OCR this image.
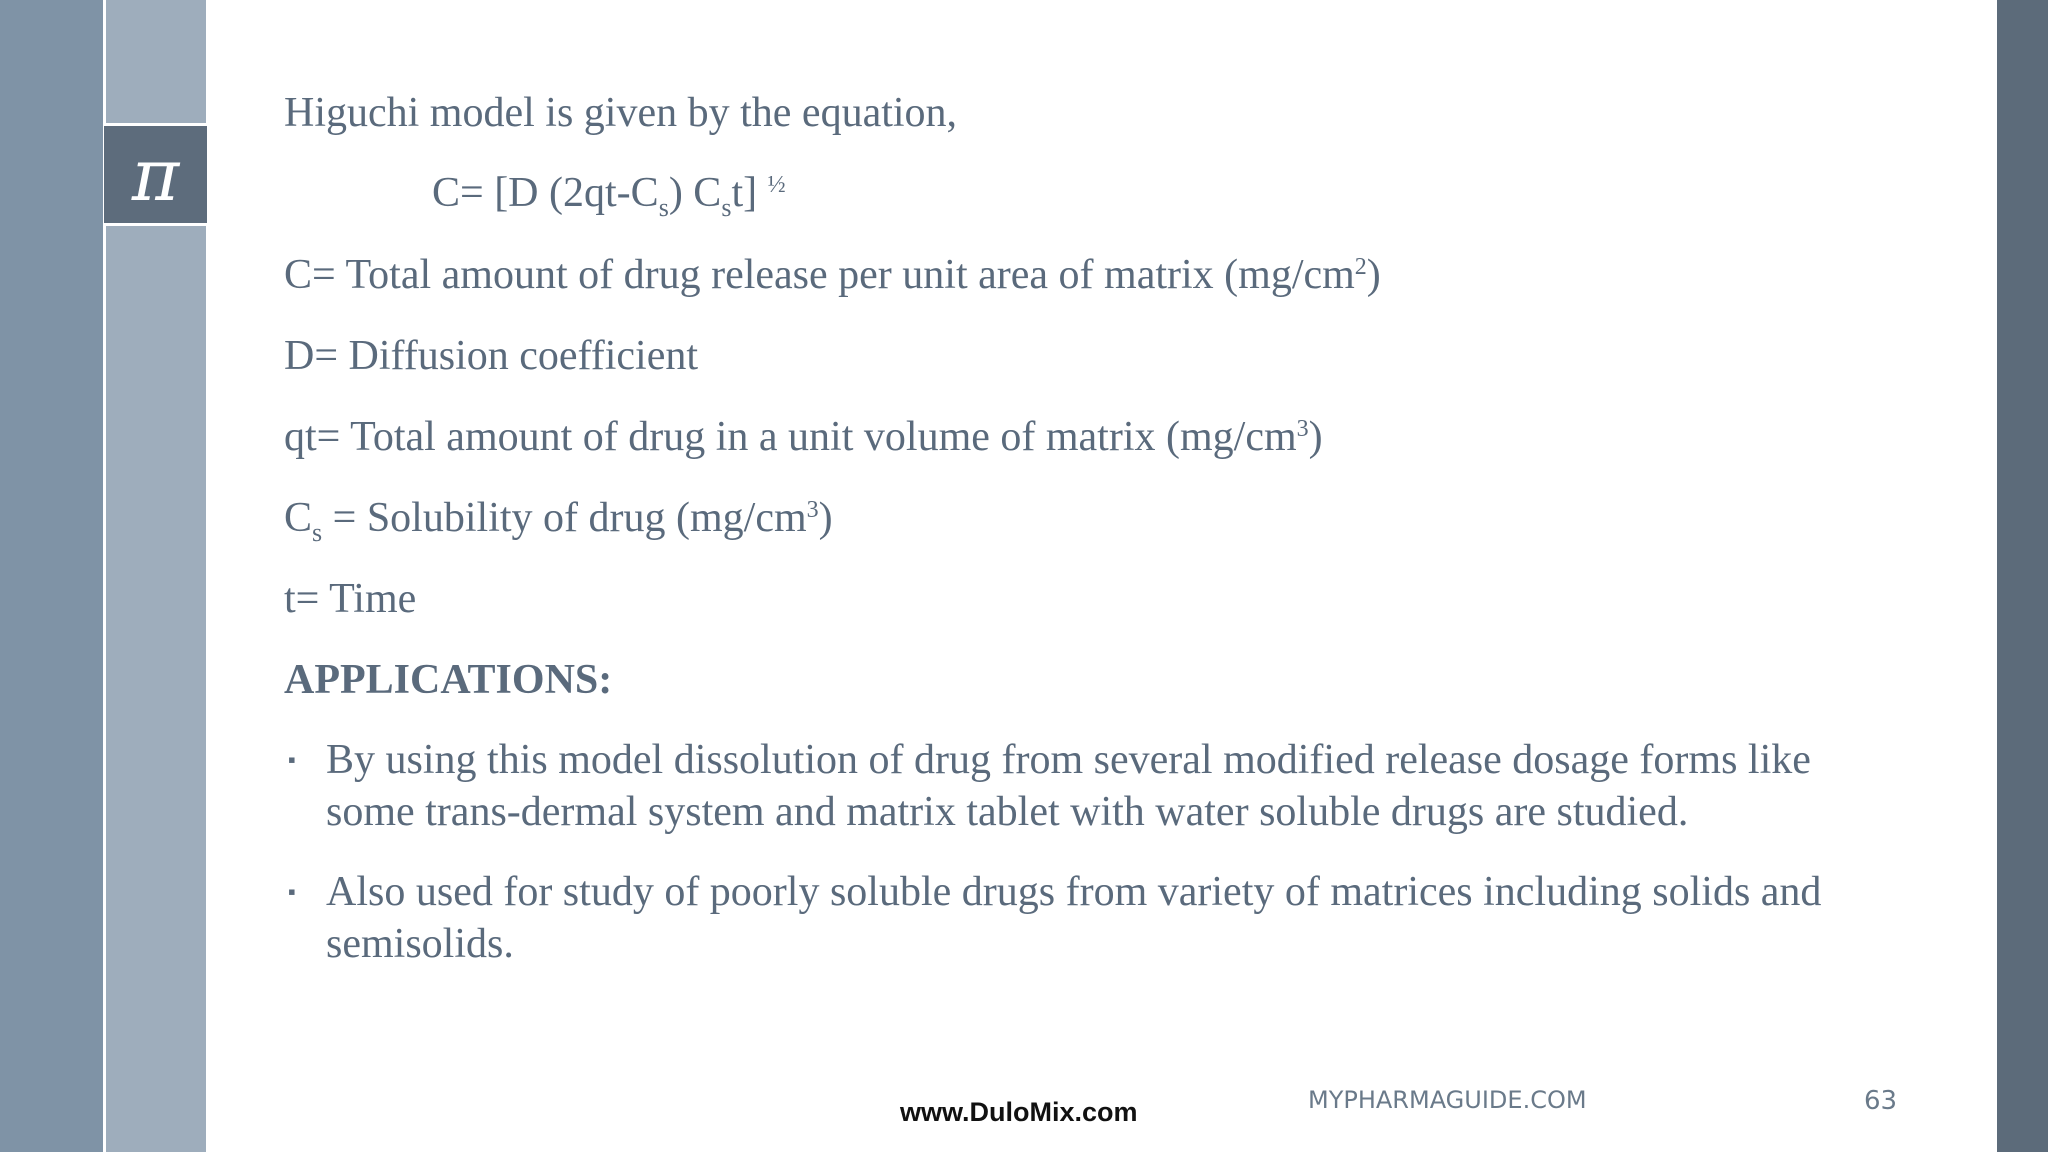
π
Higuchi model is given by the equation,
C= [D $(2qt-C_s)$ $C_st$] $^{\frac{1}{2}}$
C= Total amount of drug release per unit area of matrix $(mg/cm^2)$
D= Diffusion coefficient
qt= Total amount of drug in a unit volume of matrix $(mg/cm^3)$
$C_s$ = Solubility of drug $(mg/cm^3)$
t= Time
APPLICATIONS:
▪ By using this model dissolution of drug from several modified release dosage forms like some trans-dermal system and matrix tablet with water soluble drugs are studied.
▪ Also used for study of poorly soluble drugs from variety of matrices including solids and semisolids.
www.DuloMix.com	MYPHARMAGUIDE.COM	63
